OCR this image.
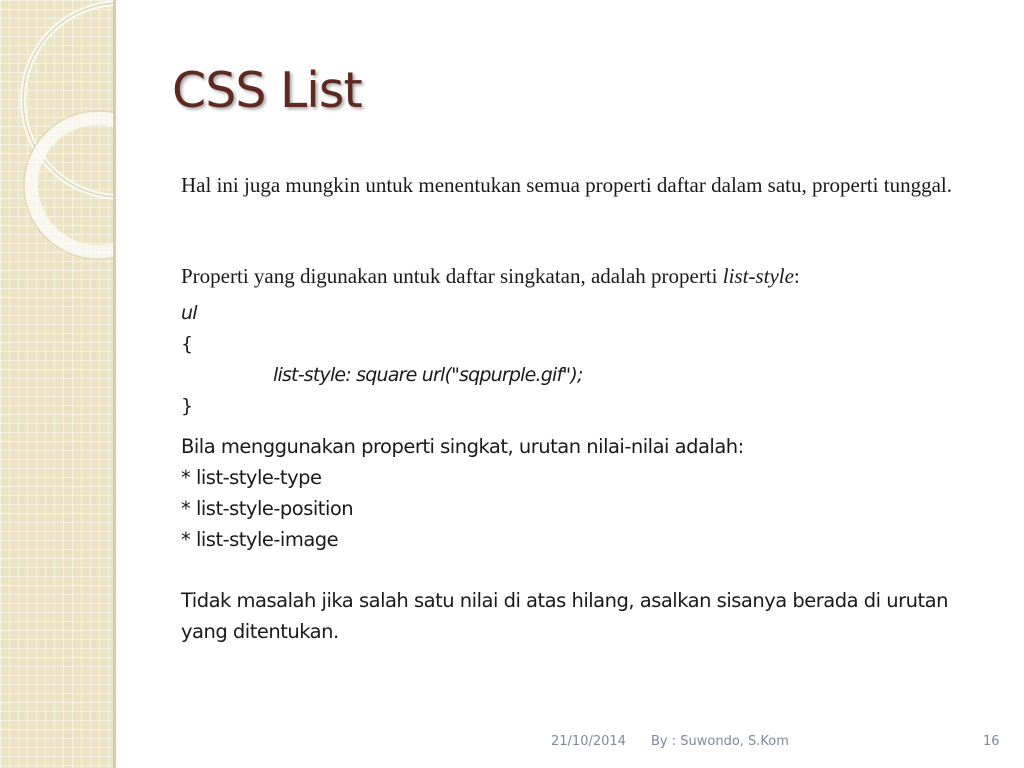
CSS List

Hal ini juga mungkin untuk menentukan semua properti daftar dalam satu, properti tunggal.

Properti yang digunakan untuk daftar singkatan, adalah properti list-style:

ul
{
list-style: square url("sqpurple.gif");
}
Bila menggunakan properti singkat, urutan nilai-nilai adalah:
* list-style-type
* list-style-position
* list-style-image

Tidak masalah jika salah satu nilai di atas hilang, asalkan sisanya berada di urutan yang ditentukan.

21/10/2014 By : Suwondo, S.Kom	16
